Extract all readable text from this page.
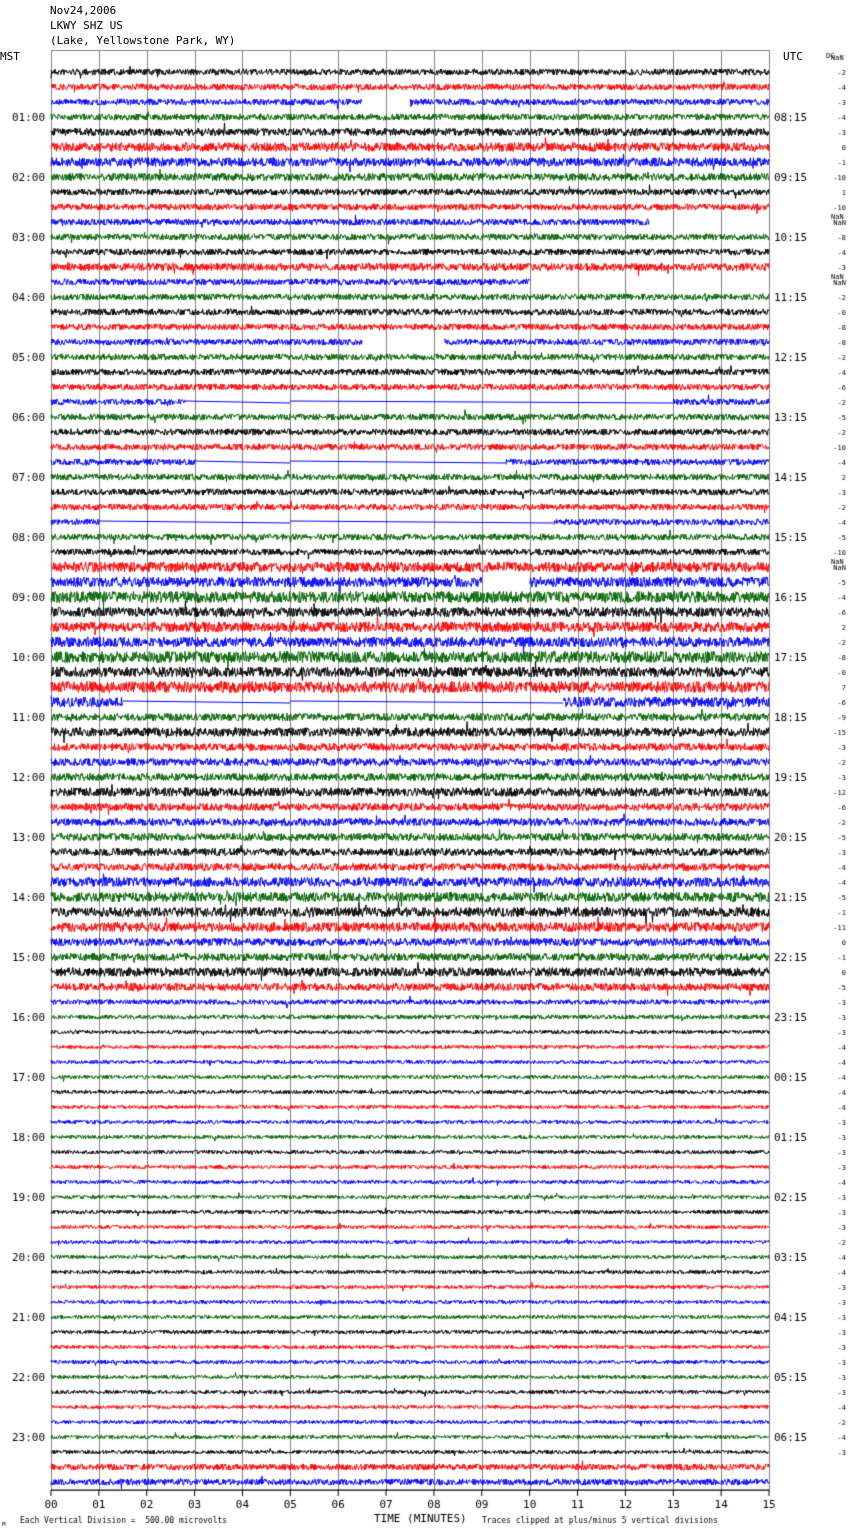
Nov24,2006
LKWY SHZ US
(Lake, Yellowstone Park, WY)
MST	UTC
